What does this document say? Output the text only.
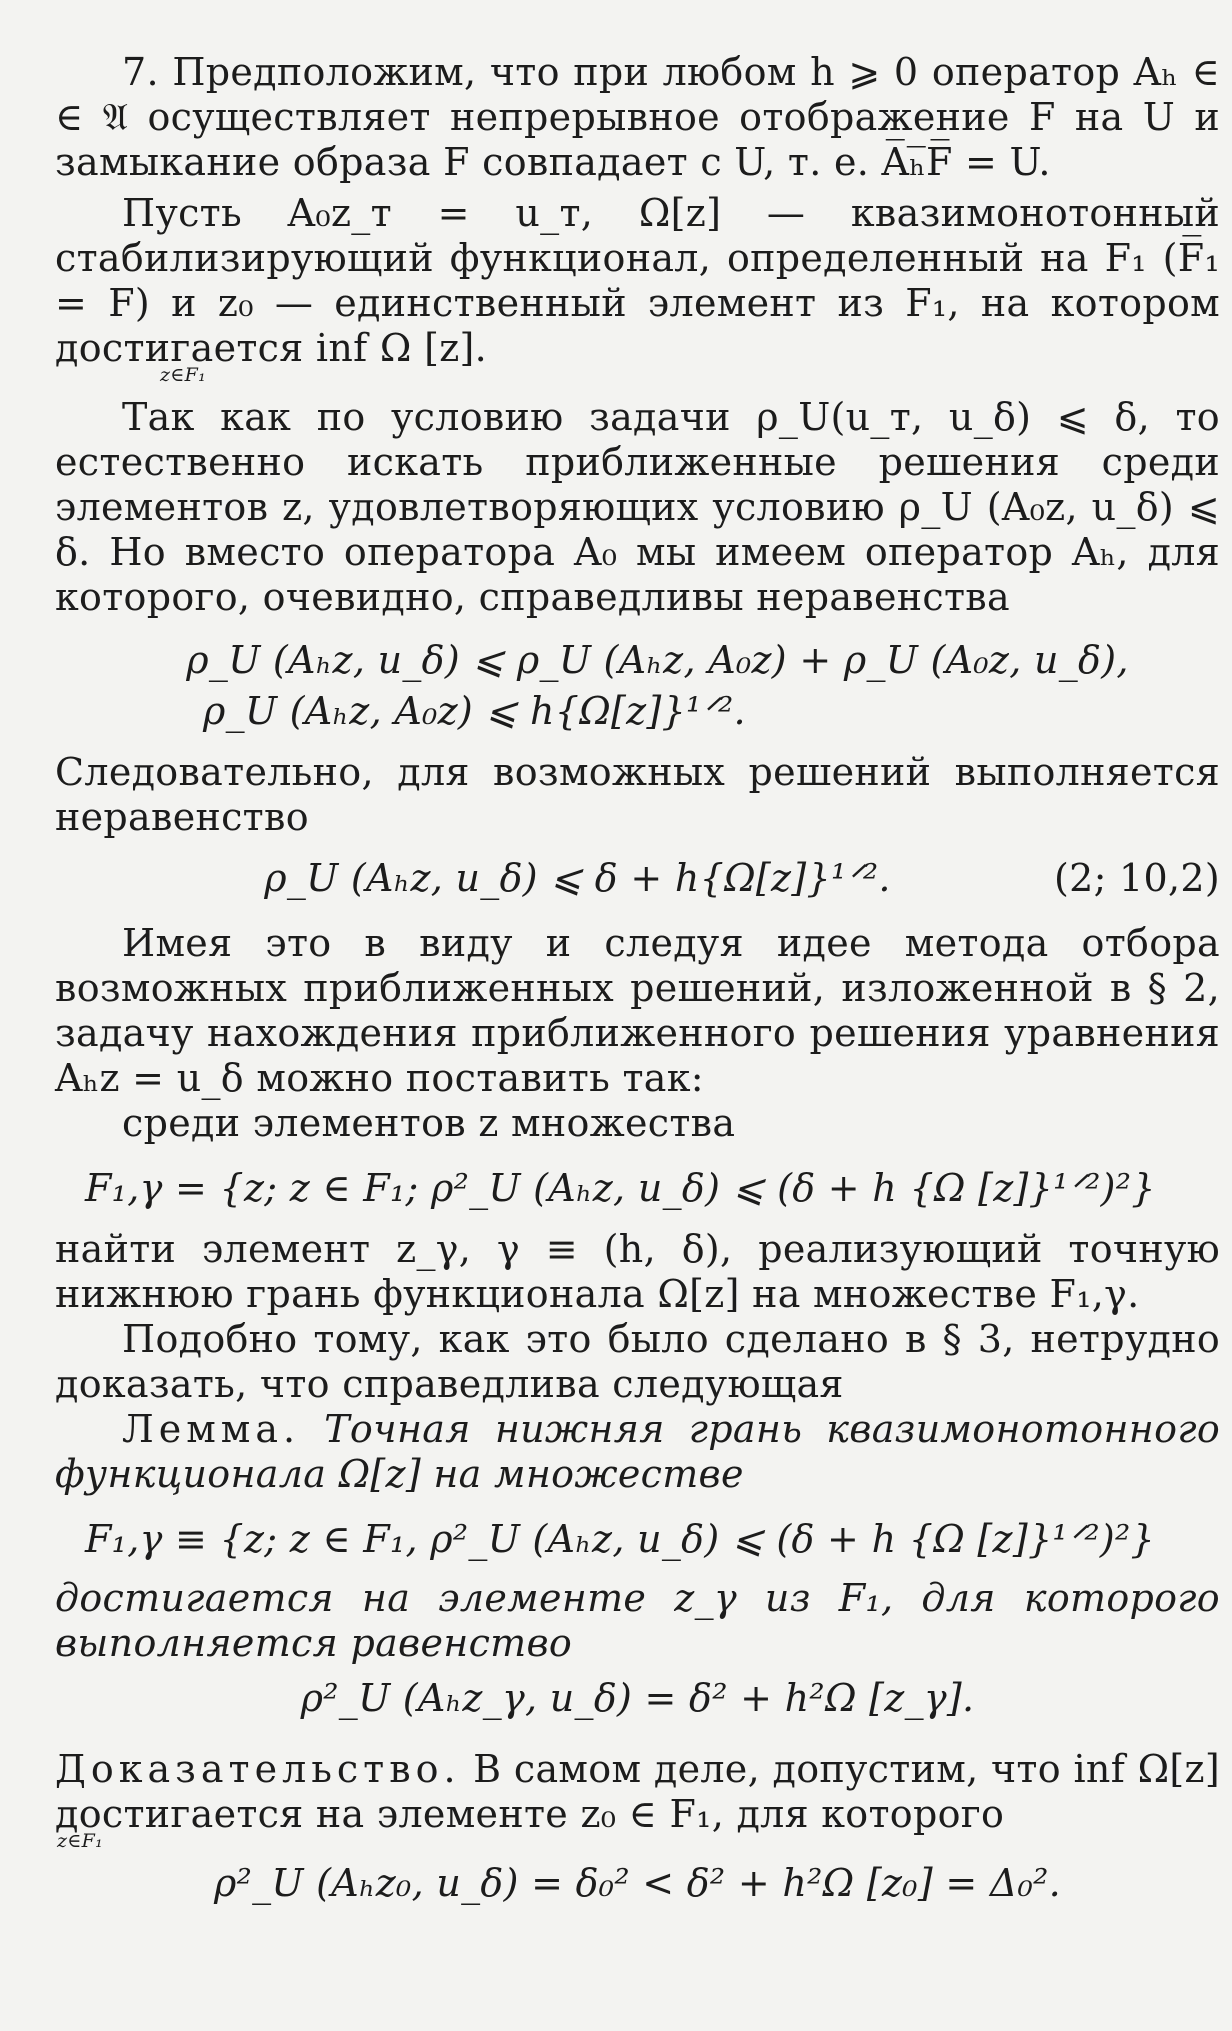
7. Предположим, что при любом h ⩾ 0 оператор Aₕ ∈ ∈ 𝔄 осуществляет непрерывное отображение F на U и замыкание образа F совпадает с U, т. е. A̅ₕ̅F̅ = U.

Пусть A₀z_т = u_т, Ω[z] — квазимонотонный стабилизирующий функционал, определенный на F₁ (F̅₁ = F) и z₀ — единственный элемент из F₁, на котором достигается inf Ω [z].

z∈F₁

Так как по условию задачи ρ_U(u_т, u_δ) ⩽ δ, то естественно искать приближенные решения среди элементов z, удовлетворяющих условию ρ_U (A₀z, u_δ) ⩽ δ. Но вместо оператора A₀ мы имеем оператор Aₕ, для которого, очевидно, справедливы неравенства

ρ_U (Aₕz, u_δ) ⩽ ρ_U (Aₕz, A₀z) + ρ_U (A₀z, u_δ),

ρ_U (Aₕz, A₀z) ⩽ h{Ω[z]}¹ᐟ².

Следовательно, для возможных решений выполняется неравенство

ρ_U (Aₕz, u_δ) ⩽ δ + h{Ω[z]}¹ᐟ².	(2; 10,2)

Имея это в виду и следуя идее метода отбора возможных приближенных решений, изложенной в § 2, задачу нахождения приближенного решения уравнения Aₕz = u_δ можно поставить так:

среди элементов z множества

F₁,γ = {z; z ∈ F₁; ρ²_U (Aₕz, u_δ) ⩽ (δ + h {Ω [z]}¹ᐟ²)²}

найти элемент z_γ, γ ≡ (h, δ), реализующий точную нижнюю грань функционала Ω[z] на множестве F₁,γ.

Подобно тому, как это было сделано в § 3, нетрудно доказать, что справедлива следующая

Лемма. Точная нижняя грань квазимонотонного функционала Ω[z] на множестве

F₁,γ ≡ {z; z ∈ F₁, ρ²_U (Aₕz, u_δ) ⩽ (δ + h {Ω [z]}¹ᐟ²)²}

достигается на элементе z_γ из F₁, для которого выполняется равенство

ρ²_U (Aₕz_γ, u_δ) = δ² + h²Ω [z_γ].

Доказательство. В самом деле, допустим, что inf Ω[z] достигается на элементе z₀ ∈ F₁, для которого

z∈F₁

ρ²_U (Aₕz₀, u_δ) = δ₀² < δ² + h²Ω [z₀] = Δ₀².
